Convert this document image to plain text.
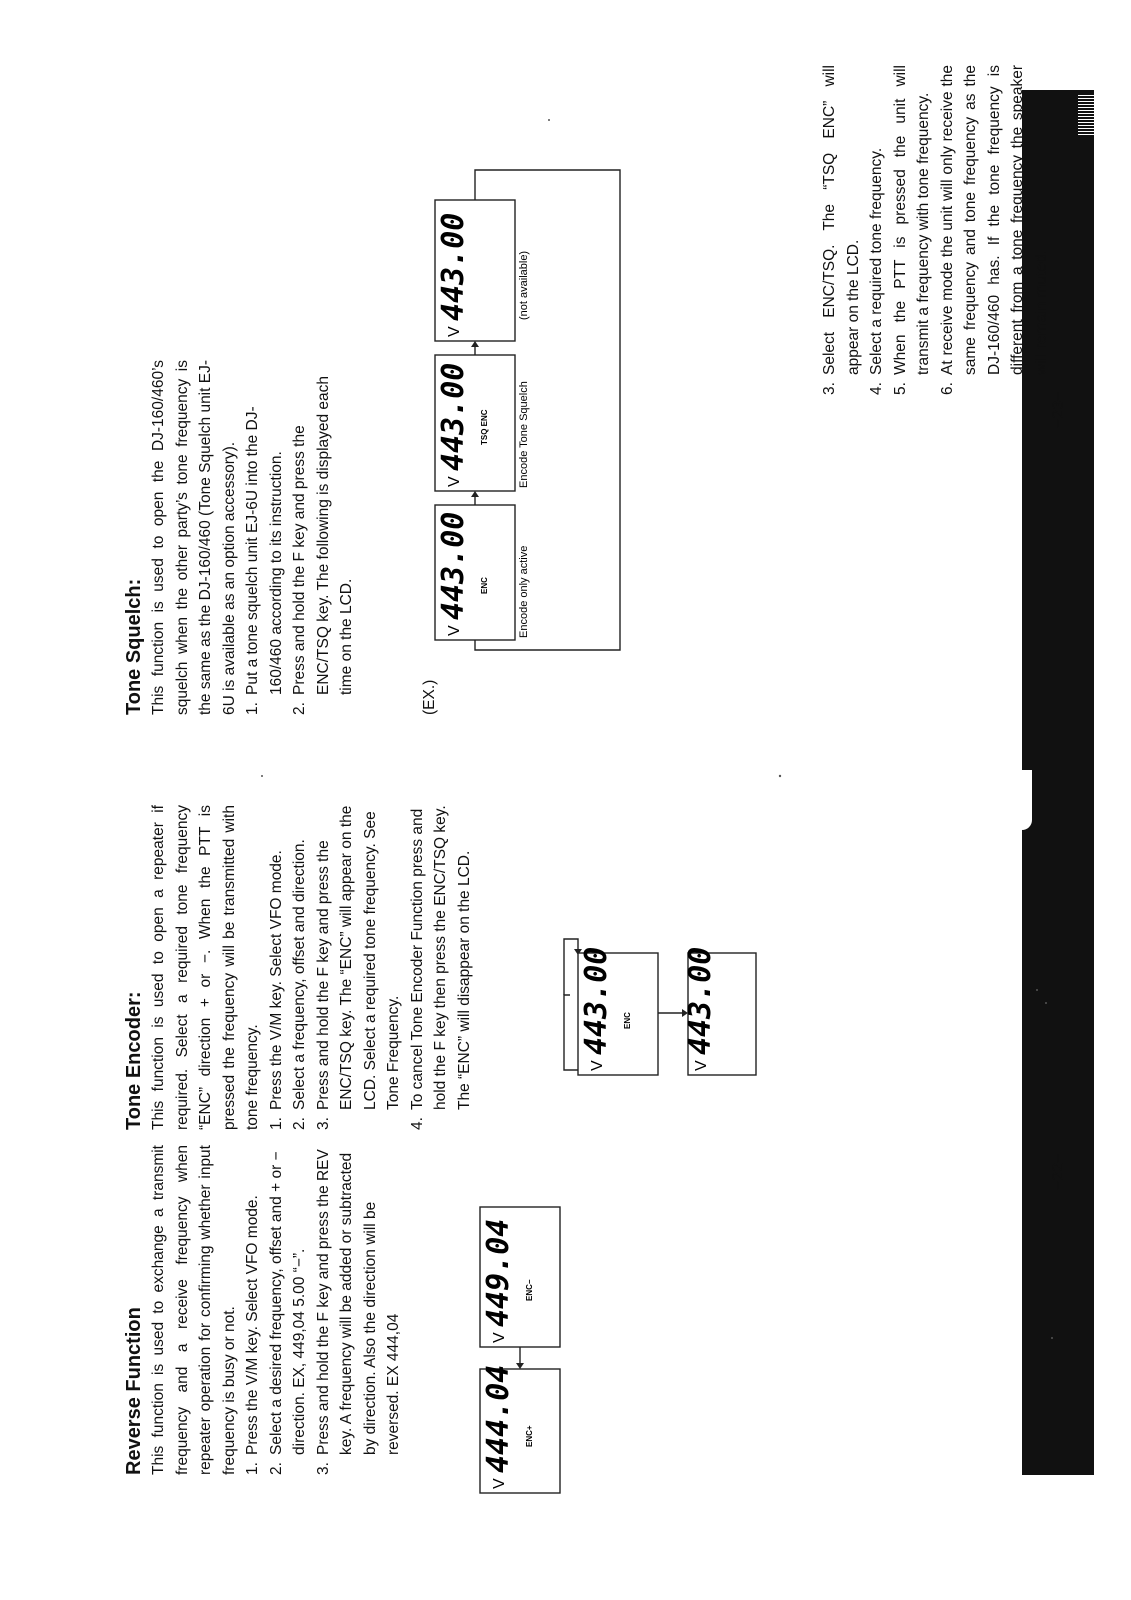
Reverse Function This function is used to exchange a transmit frequency and a receive frequency when repeater operation for confirming whether input frequency is busy or not. 1.
Press the V/M key. Select VFO mode.
2.
Select a desired frequency, offset and + or − direction. EX, 449,04 5.00 “−”.
3.
Press and hold the F key and press the REV key. A frequency will be added or subtracted by direction. Also the direction will be reversed. EX 444,04	V
449.04 ENC−
V
444.04 ENC+
Tone Encoder: This function is used to open a repeater if required. Select a required tone frequency “ENC” direction + or −. When the PTT is pressed the frequency will be transmitted with tone frequency. 1.
Press the V/M key. Select VFO mode.
2.
Select a frequency, offset and direction.
3.
Press and hold the F key and press the ENC/TSQ key. The “ENC” will appear on the LCD. Select a required tone frequency. See Tone Frequency.
4.
To cancel Tone Encoder Function press and hold the F key then press the ENC/TSQ key. The “ENC” will disappear on the LCD.	V
443.00 ENC
V
443.00
Tone Squelch: This function is used to open the DJ-160/460’s squelch when the other party’s tone frequency is the same as the DJ-160/460 (Tone Squelch unit EJ-6U is available as an option accessory). 1.
Put a tone squelch unit EJ-6U into the DJ-160/460 according to its instruction.
2.
Press and hold the F key and press the ENC/TSQ key. The following is displayed each time on the LCD.
(EX.)
V
443.00 ENC	Encode only active
V
443.00 TSQ ENC	Encode Tone Squelch
V
443.00	(not available)
3.
Select ENC/TSQ. The “TSQ ENC” will appear on the LCD.
4.
Select a required tone frequency.
5.
When the PTT is pressed the unit will transmit a frequency with tone frequency.
6.
At receive mode the unit will only receive the same frequency and tone frequency as the DJ-160/460 has. If the tone frequency is different from a tone frequency the speaker will remain muted.
−22−
−23−
